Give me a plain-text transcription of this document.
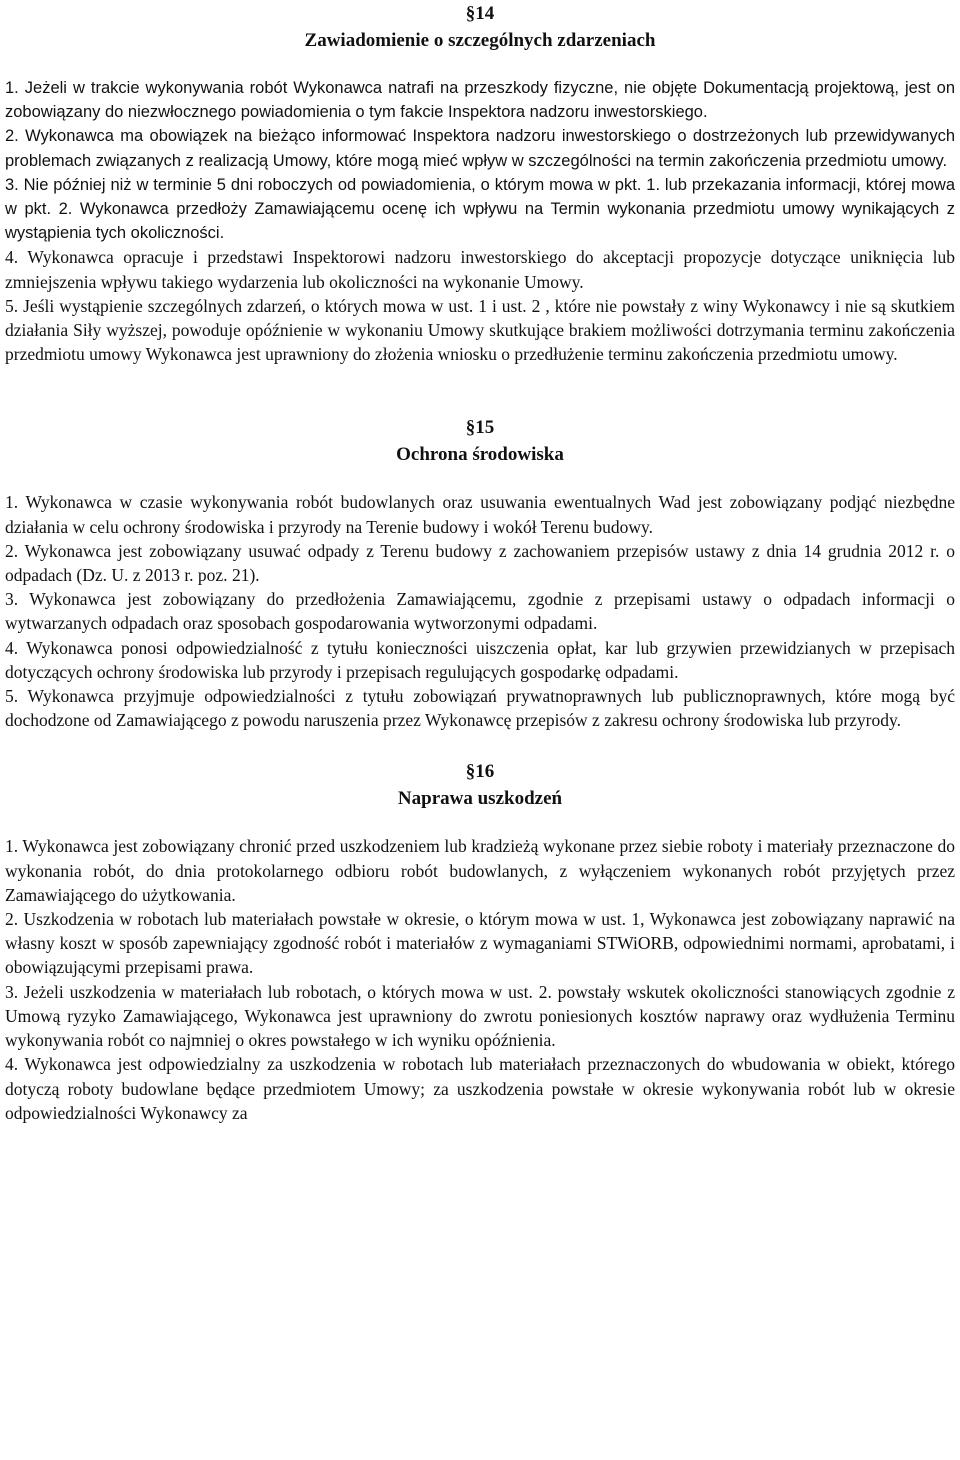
§14

Zawiadomienie o szczególnych zdarzeniach

1. Jeżeli w trakcie wykonywania robót Wykonawca natrafi na przeszkody fizyczne, nie objęte Dokumentacją projektową, jest on zobowiązany do niezwłocznego powiadomienia o tym fakcie Inspektora nadzoru inwestorskiego.

2. Wykonawca ma obowiązek na bieżąco informować Inspektora nadzoru inwestorskiego o dostrzeżonych lub przewidywanych problemach związanych z realizacją Umowy, które mogą mieć wpływ w szczególności na termin zakończenia przedmiotu umowy.

3. Nie później niż w terminie 5 dni roboczych od powiadomienia, o którym mowa w pkt. 1. lub przekazania informacji, której mowa w pkt. 2. Wykonawca przedłoży Zamawiającemu ocenę ich wpływu na Termin wykonania przedmiotu umowy wynikających z wystąpienia tych okoliczności.

4. Wykonawca opracuje i przedstawi Inspektorowi nadzoru inwestorskiego do akceptacji propozycje dotyczące uniknięcia lub zmniejszenia wpływu takiego wydarzenia lub okoliczności na wykonanie Umowy.

5. Jeśli wystąpienie szczególnych zdarzeń, o których mowa w ust. 1 i ust. 2 , które nie powstały z winy Wykonawcy i nie są skutkiem działania Siły wyższej, powoduje opóźnienie w wykonaniu Umowy skutkujące brakiem możliwości dotrzymania terminu zakończenia przedmiotu umowy Wykonawca jest uprawniony do złożenia wniosku o przedłużenie terminu zakończenia przedmiotu umowy.

§15

Ochrona środowiska

1. Wykonawca w czasie wykonywania robót budowlanych oraz usuwania ewentualnych Wad jest zobowiązany podjąć niezbędne działania w celu ochrony środowiska i przyrody na Terenie budowy i wokół Terenu budowy.

2. Wykonawca jest zobowiązany usuwać odpady z Terenu budowy z zachowaniem przepisów ustawy z dnia 14 grudnia 2012 r. o odpadach (Dz. U. z 2013 r. poz. 21).

3. Wykonawca jest zobowiązany do przedłożenia Zamawiającemu, zgodnie z przepisami ustawy o odpadach informacji o wytwarzanych odpadach oraz sposobach gospodarowania wytworzonymi odpadami.

4. Wykonawca ponosi odpowiedzialność z tytułu konieczności uiszczenia opłat, kar lub grzywien przewidzianych w przepisach dotyczących ochrony środowiska lub przyrody i przepisach regulujących gospodarkę odpadami.

5. Wykonawca przyjmuje odpowiedzialności z tytułu zobowiązań prywatnoprawnych lub publicznoprawnych, które mogą być dochodzone od Zamawiającego z powodu naruszenia przez Wykonawcę przepisów z zakresu ochrony środowiska lub przyrody.

§16

Naprawa uszkodzeń

1. Wykonawca jest zobowiązany chronić przed uszkodzeniem lub kradzieżą wykonane przez siebie roboty i materiały przeznaczone do wykonania robót, do dnia protokolarnego odbioru robót budowlanych, z wyłączeniem wykonanych robót przyjętych przez Zamawiającego do użytkowania.

2. Uszkodzenia w robotach lub materiałach powstałe w okresie, o którym mowa w ust. 1, Wykonawca jest zobowiązany naprawić na własny koszt w sposób zapewniający zgodność robót i materiałów z wymaganiami STWiORB, odpowiednimi normami, aprobatami, i obowiązującymi przepisami prawa.

3. Jeżeli uszkodzenia w materiałach lub robotach, o których mowa w ust. 2. powstały wskutek okoliczności stanowiących zgodnie z Umową ryzyko Zamawiającego, Wykonawca jest uprawniony do zwrotu poniesionych kosztów naprawy oraz wydłużenia Terminu wykonywania robót co najmniej o okres powstałego w ich wyniku opóźnienia.

4. Wykonawca jest odpowiedzialny za uszkodzenia w robotach lub materiałach przeznaczonych do wbudowania w obiekt, którego dotyczą roboty budowlane będące przedmiotem Umowy; za uszkodzenia powstałe w okresie wykonywania robót lub w okresie odpowiedzialności Wykonawcy za
